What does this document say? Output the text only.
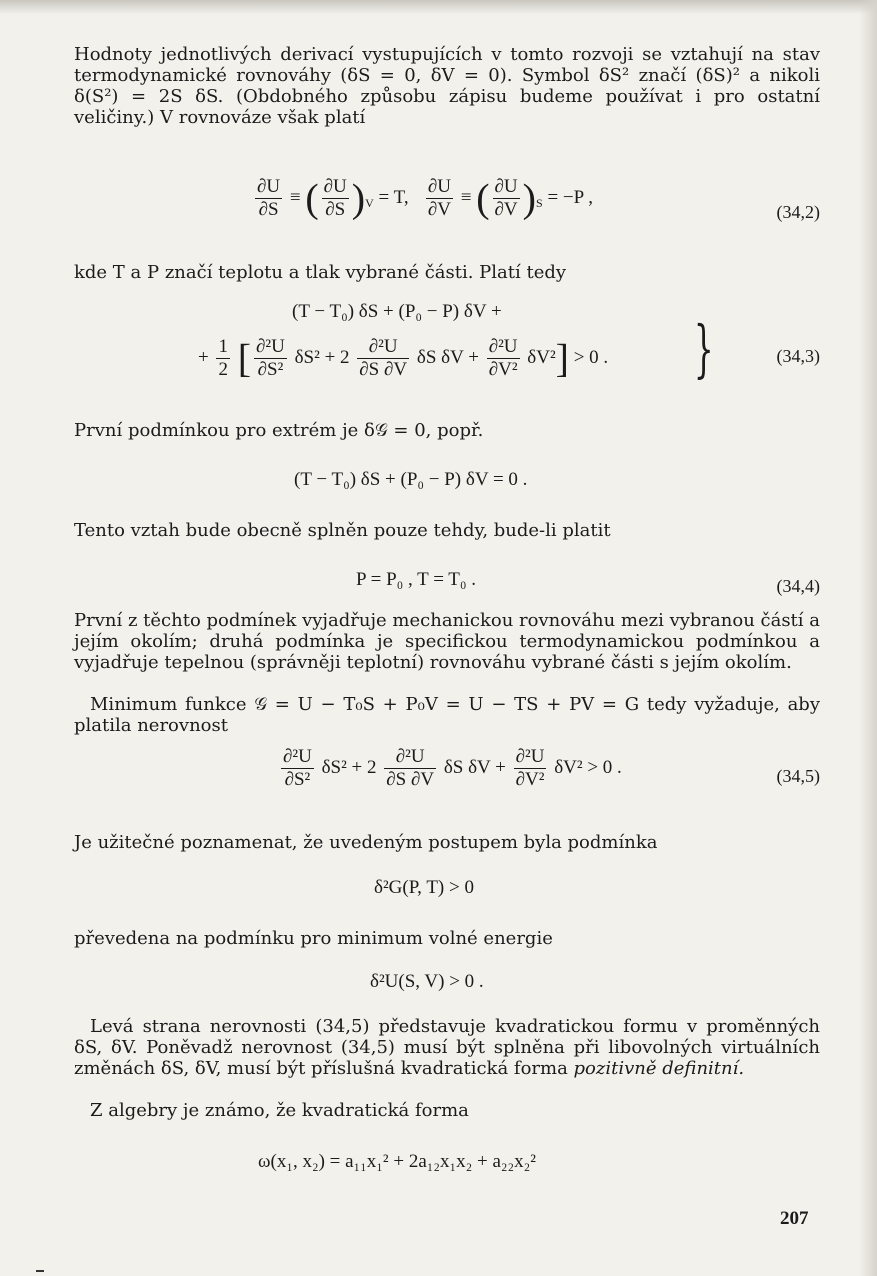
Hodnoty jednotlivých derivací vystupujících v tomto rozvoji se vztahují na stav termodynamické rovnováhy (δS = 0, δV = 0). Symbol δS² značí (δS)² a nikoli δ(S²) = 2S δS. (Obdobného způsobu zápisu budeme používat i pro ostatní veličiny.) V rovnováze však platí

$\frac{\partial U}{\partial S}$ ≡ ( $\frac{\partial U}{\partial S} )_V = T$, $\frac{\partial U}{\partial V}$ ≡ ( $\frac{\partial U}{\partial V} )_S = -P$ ,
(34,2)

kde T a P značí teplotu a tlak vybrané části. Platí tedy

(T − T₀) δS + (P₀ − P) δV +
+ $\frac{1}{2}$ [ $\frac{\text{∂²U}}{\text{∂S²}} \delta S^2 + 2 \frac{\text{∂²U}}{\partial S \partial V}$ δS $\delta V + \frac{\text{∂²U}}{\text{∂V²}} \delta V^2] > 0$ . }	(34,3)

První podmínkou pro extrém je δ𝒢 = 0, popř.

(T − T₀) δS + (P₀ − P) δV = 0 .

Tento vztah bude obecně splněn pouze tehdy, bude-li platit

P = P₀ , T = T₀ .	(34,4)

První z těchto podmínek vyjadřuje mechanickou rovnováhu mezi vybranou částí a jejím okolím; druhá podmínka je specifickou termodynamickou podmínkou a vyjadřuje tepelnou (správněji teplotní) rovnováhu vybrané části s jejím okolím.

Minimum funkce 𝒢 = U − T₀S + P₀V = U − TS + PV = G tedy vyžaduje, aby platila nerovnost

$\frac{\text{∂²U}}{\text{∂S²}} \delta S^2 + 2 \frac{\text{∂²U}}{\partial S \partial V}$ δS $\delta V + \frac{\text{∂²U}}{\text{∂V²}} \delta V^2 > 0$ .	(34,5)

Je užitečné poznamenat, že uvedeným postupem byla podmínka

δ²G(P, T) > 0

převedena na podmínku pro minimum volné energie

δ²U(S, V) > 0 .

Levá strana nerovnosti (34,5) představuje kvadratickou formu v proměnných δS, δV. Poněvadž nerovnost (34,5) musí být splněna při libovolných virtuálních změnách δS, δV, musí být příslušná kvadratická forma pozitivně definitní.

Z algebry je známo, že kvadratická forma

ω(x₁, x₂) = a₁₁x₁² + 2a₁₂x₁x₂ + a₂₂x₂²
207
